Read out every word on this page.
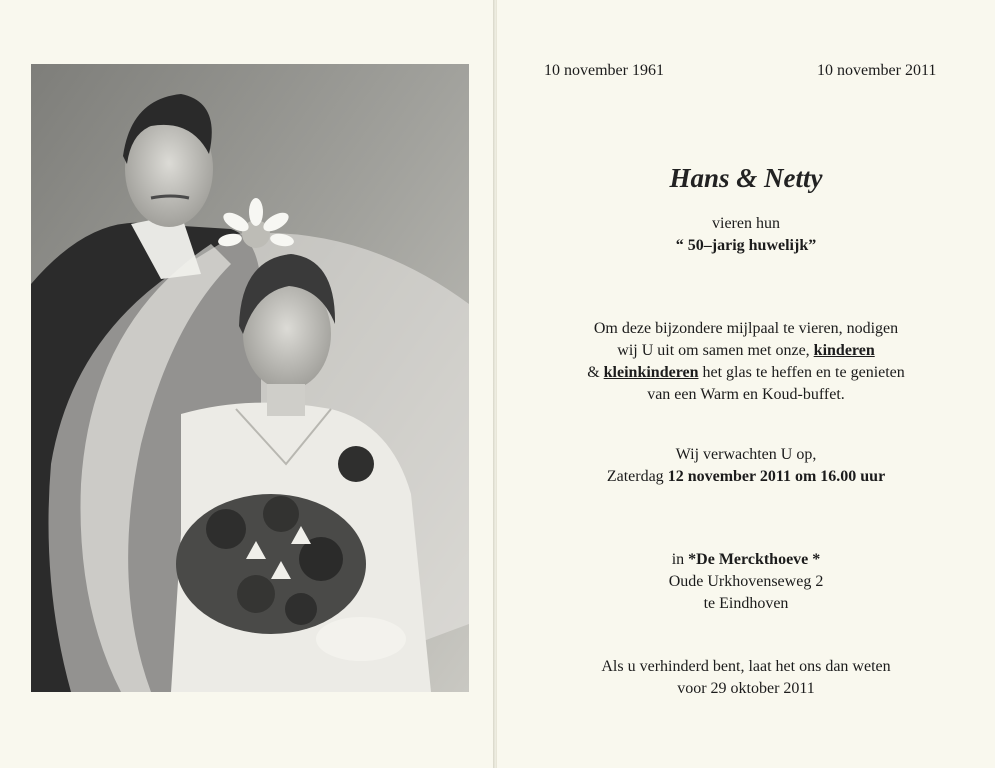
10 november 1961	10 november 2011
Hans & Netty
vieren hun
“ 50–jarig huwelijk”
Om deze bijzondere mijlpaal te vieren, nodigen
wij U uit om samen met onze, kinderen
& kleinkinderen het glas te heffen en te genieten
van een Warm en Koud-buffet.
Wij verwachten U op,
Zaterdag 12 november 2011 om 16.00 uur
in *De Merckthoeve *
Oude Urkhovenseweg 2
te Eindhoven
Als u verhinderd bent, laat het ons dan weten
voor 29 oktober 2011
